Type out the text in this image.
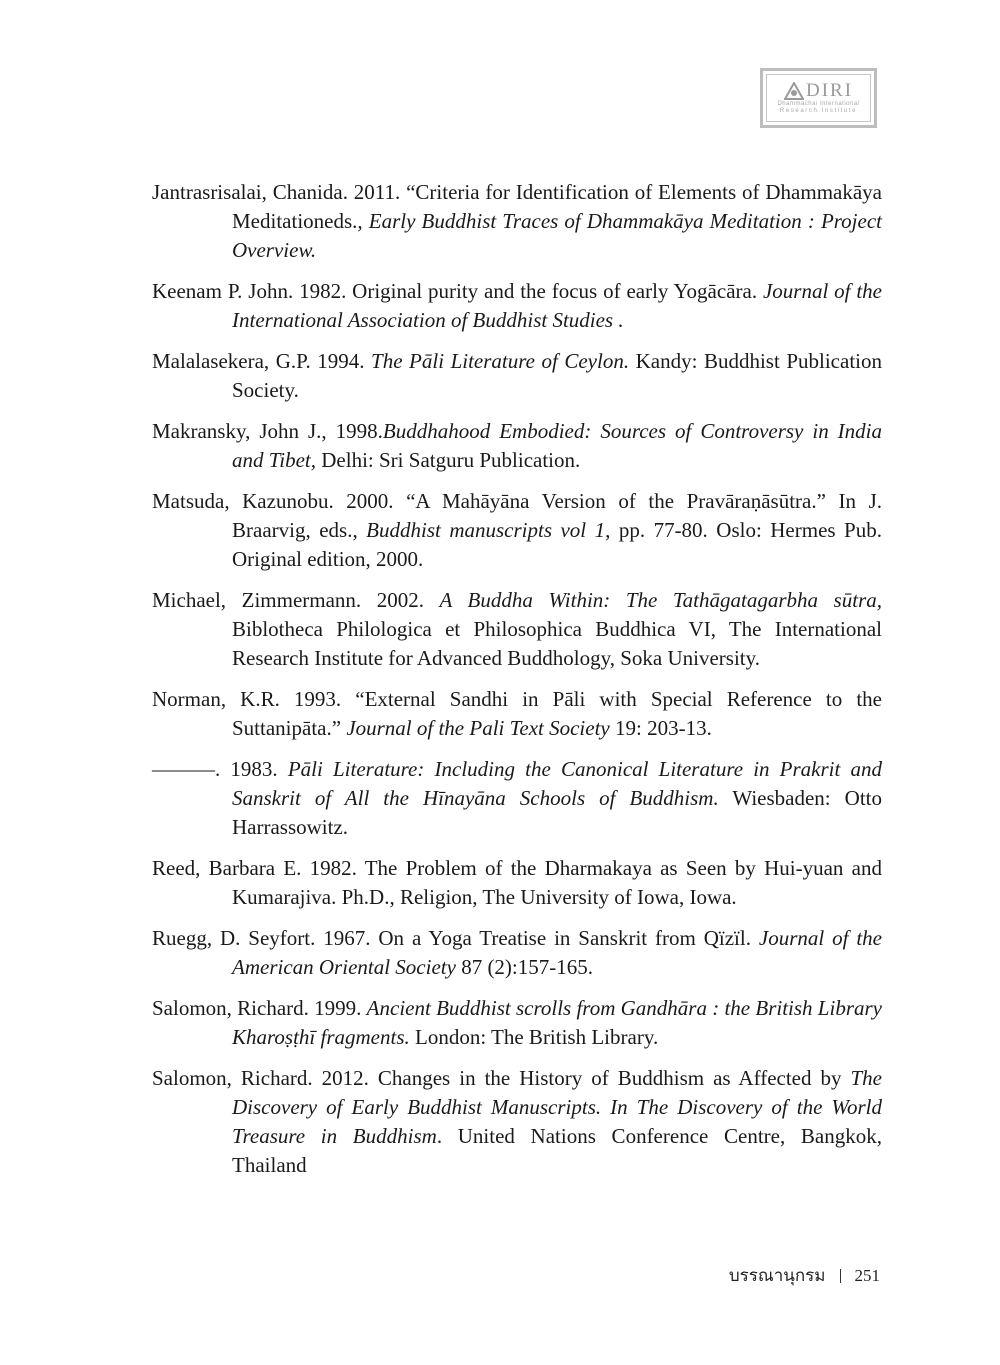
DIRI
Dhammachai International
Research Institute
Jantrasrisalai, Chanida. 2011. “Criteria for Identification of Elements of Dhammakāya Meditationeds., Early Buddhist Traces of Dhammakāya Meditation : Project Overview.
Keenam P. John. 1982. Original purity and the focus of early Yogācāra. Journal of the International Association of Buddhist Studies .
Malalasekera, G.P. 1994. The Pāli Literature of Ceylon. Kandy: Buddhist Publication Society.
Makransky, John J., 1998.Buddhahood Embodied: Sources of Controversy in India and Tibet, Delhi: Sri Satguru Publication.
Matsuda, Kazunobu. 2000. “A Mahāyāna Version of the Pravāraṇāsūtra.” In J. Braarvig, eds., Buddhist manuscripts vol 1, pp. 77-80. Oslo: Hermes Pub. Original edition, 2000.
Michael, Zimmermann. 2002. A Buddha Within: The Tathāgatagarbha sūtra, Biblotheca Philologica et Philosophica Buddhica VI, The International Research Institute for Advanced Buddhology, Soka University.
Norman, K.R. 1993. “External Sandhi in Pāli with Special Reference to the Suttanipāta.” Journal of the Pali Text Society 19: 203-13.
———. 1983. Pāli Literature: Including the Canonical Literature in Prakrit and Sanskrit of All the Hīnayāna Schools of Buddhism. Wiesbaden: Otto Harrassowitz.
Reed, Barbara E. 1982. The Problem of the Dharmakaya as Seen by Hui-yuan and Kumarajiva. Ph.D., Religion, The University of Iowa, Iowa.
Ruegg, D. Seyfort. 1967. On a Yoga Treatise in Sanskrit from Qïzïl. Journal of the American Oriental Society 87 (2):157-165.
Salomon, Richard. 1999. Ancient Buddhist scrolls from Gandhāra : the British Library Kharoṣṭhī fragments. London: The British Library.
Salomon, Richard. 2012. Changes in the History of Buddhism as Affected by The Discovery of Early Buddhist Manuscripts. In The Discovery of the World Treasure in Buddhism. United Nations Conference Centre, Bangkok, Thailand
บรรณานุกรม 251
